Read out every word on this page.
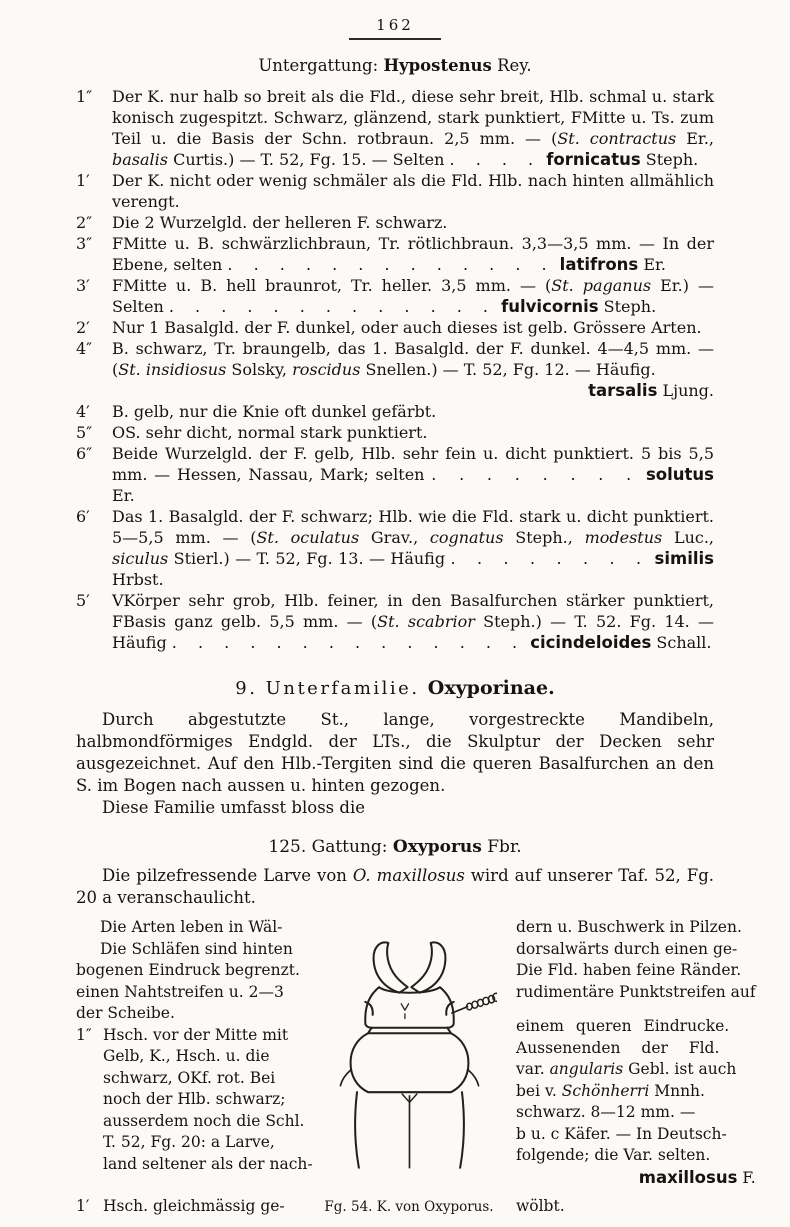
162
Untergattung: Hypostenus Rey.
1″	Der K. nur halb so breit als die Fld., diese sehr breit, Hlb. schmal u. stark konisch zugespitzt. Schwarz, glänzend, stark punktiert, FMitte u. Ts. zum Teil u. die Basis der Schn. rotbraun. 2,5 mm. — (St. contractus Er., basalis Curtis.) — T. 52, Fg. 15. — Selten . . . . fornicatus Steph.
1′	Der K. nicht oder wenig schmäler als die Fld. Hlb. nach hinten allmählich verengt.
2″	Die 2 Wurzelgld. der helleren F. schwarz.
3″	FMitte u. B. schwärzlichbraun, Tr. rötlichbraun. 3,3—3,5 mm. — In der Ebene, selten . . . . . . . . . . . . . latifrons Er.
3′	FMitte u. B. hell braunrot, Tr. heller. 3,5 mm. — (St. paganus Er.) — Selten . . . . . . . . . . . . . fulvicornis Steph.
2′	Nur 1 Basalgld. der F. dunkel, oder auch dieses ist gelb. Grössere Arten.
4″	B. schwarz, Tr. braungelb, das 1. Basalgld. der F. dunkel. 4—4,5 mm. — (St. insidiosus Solsky, roscidus Snellen.) — T. 52, Fg. 12. — Häufig.
tarsalis Ljung.
4′	B. gelb, nur die Knie oft dunkel gefärbt.
5″	OS. sehr dicht, normal stark punktiert.
6″	Beide Wurzelgld. der F. gelb, Hlb. sehr fein u. dicht punktiert. 5 bis 5,5 mm. — Hessen, Nassau, Mark; selten . . . . . . . . solutus Er.
6′	Das 1. Basalgld. der F. schwarz; Hlb. wie die Fld. stark u. dicht punktiert. 5—5,5 mm. — (St. oculatus Grav., cognatus Steph., modestus Luc., siculus Stierl.) — T. 52, Fg. 13. — Häufig . . . . . . . . similis Hrbst.
5′	VKörper sehr grob, Hlb. feiner, in den Basalfurchen stärker punktiert, FBasis ganz gelb. 5,5 mm. — (St. scabrior Steph.) — T. 52. Fg. 14. — Häufig . . . . . . . . . . . . . . cicindeloides Schall.
9. Unterfamilie. Oxyporinae.

Durch abgestutzte St., lange, vorgestreckte Mandibeln, halbmondförmiges Endgld. der LTs., die Skulptur der Decken sehr ausgezeichnet. Auf den Hlb.-Tergiten sind die queren Basalfurchen an den S. im Bogen nach aussen u. hinten gezogen.

Diese Familie umfasst bloss die

125. Gattung: Oxyporus Fbr.

Die pilzefressende Larve von O. maxillosus wird auf unserer Taf. 52, Fg. 20 a veranschaulicht.

Die Arten leben in Wäl-
Die Schläfen sind hinten
bogenen Eindruck begrenzt.
einen Nahtstreifen u. 2—3
der Scheibe.
1″ Hsch. vor der Mitte mit
Gelb, K., Hsch. u. die
schwarz, OKf. rot. Bei
noch der Hlb. schwarz;
ausserdem noch die Schl.
T. 52, Fg. 20: a Larve,
land seltener als der nach-
dern u. Buschwerk in Pilzen.
dorsalwärts durch einen ge-
Die Fld. haben feine Ränder.
rudimentäre Punktstreifen auf
einem queren Eindrucke.
Aussenenden der Fld.
var. angularis Gebl. ist auch
bei v. Schönherri Mnnh.
schwarz. 8—12 mm. —
b u. c Käfer. — In Deutsch-
folgende; die Var. selten.
maxillosus F.
1′ Hsch. gleichmässig ge-	Fg. 54. K. von Oxyporus.	wölbt.
